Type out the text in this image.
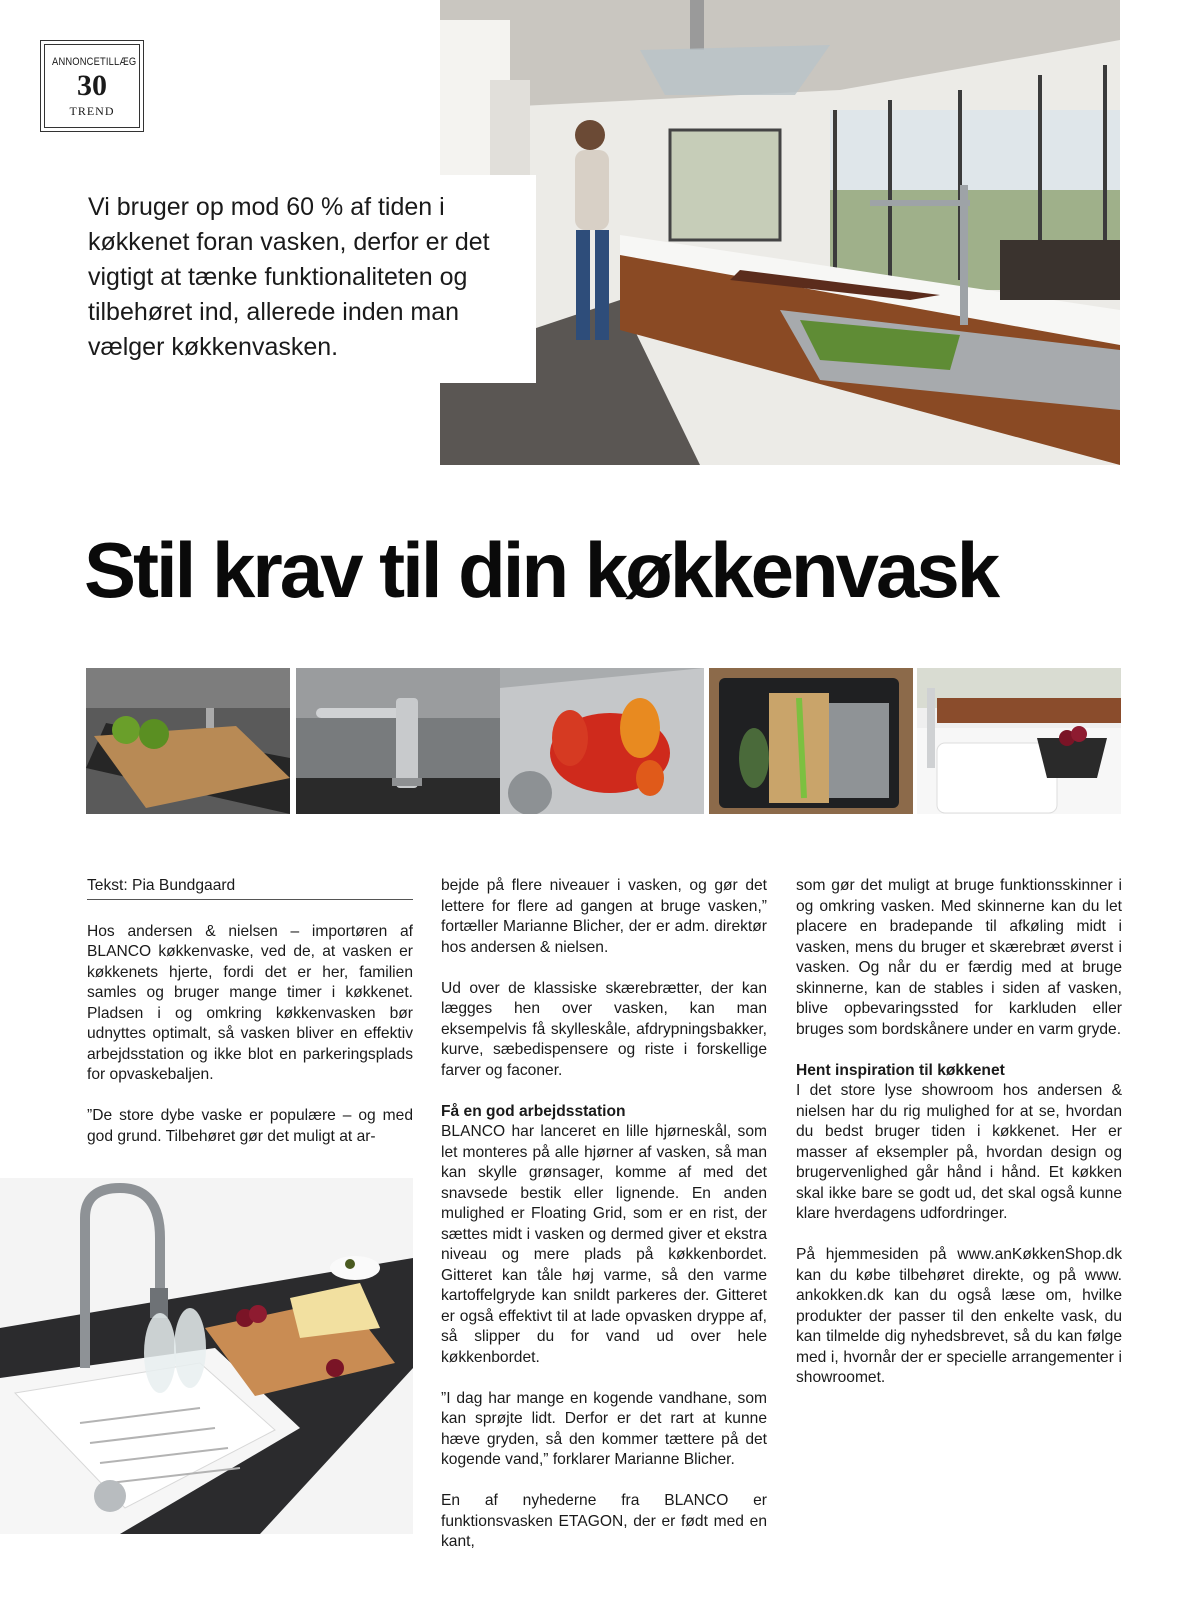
ANNONCETILLÆG
30
TREND
Vi bruger op mod 60 % af tiden i køkkenet foran vasken, derfor er det vigtigt at tænke funktionaliteten og tilbehøret ind, allerede inden man vælger køkkenvasken.
Stil krav til din køkkenvask

Tekst: Pia Bundgaard

Hos andersen & nielsen – importøren af BLANCO køkkenvaske, ved de, at vasken er køkkenets hjerte, fordi det er her, familien samles og bruger mange timer i køkkenet. Pladsen i og omkring køkkenvasken bør udnyttes optimalt, så vasken bliver en effektiv arbejdsstation og ikke blot en parkeringsplads for opvaskebaljen.

”De store dybe vaske er populære – og med god grund. Tilbehøret gør det muligt at ar-

bejde på flere niveauer i vasken, og gør det lettere for flere ad gangen at bruge vasken,” fortæller Marianne Blicher, der er adm. direktør hos andersen & nielsen.

Ud over de klassiske skærebrætter, der kan lægges hen over vasken, kan man eksempelvis få skylleskåle, afdrypningsbakker, kurve, sæbedispensere og riste i forskellige farver og faconer.

Få en god arbejdsstation

BLANCO har lanceret en lille hjørneskål, som let monteres på alle hjørner af vasken, så man kan skylle grønsager, komme af med det snavsede bestik eller lignende. En anden mulighed er Floating Grid, som er en rist, der sættes midt i vasken og dermed giver et ekstra niveau og mere plads på køkkenbordet. Gitteret kan tåle høj varme, så den varme kartoffelgryde kan snildt parkeres der. Gitteret er også effektivt til at lade opvasken dryppe af, så slipper du for vand ud over hele køkkenbordet.

”I dag har mange en kogende vandhane, som kan sprøjte lidt. Derfor er det rart at kunne hæve gryden, så den kommer tættere på det kogende vand,” forklarer Marianne Blicher.

En af nyhederne fra BLANCO er funktionsvasken ETAGON, der er født med en kant,

som gør det muligt at bruge funktionsskinner i og omkring vasken. Med skinnerne kan du let placere en bradepande til afkøling midt i vasken, mens du bruger et skærebræt øverst i vasken. Og når du er færdig med at bruge skinnerne, kan de stables i siden af vasken, blive opbevaringssted for karkluden eller bruges som bordskånere under en varm gryde.

Hent inspiration til køkkenet

I det store lyse showroom hos andersen & nielsen har du rig mulighed for at se, hvordan du bedst bruger tiden i køkkenet. Her er masser af eksempler på, hvordan design og brugervenlighed går hånd i hånd. Et køkken skal ikke bare se godt ud, det skal også kunne klare hverdagens udfordringer.

På hjemmesiden på www.anKøkkenShop.dk kan du købe tilbehøret direkte, og på www. ankokken.dk kan du også læse om, hvilke produkter der passer til den enkelte vask, du kan tilmelde dig nyhedsbrevet, så du kan følge med i, hvornår der er specielle arrangementer i showroomet.
